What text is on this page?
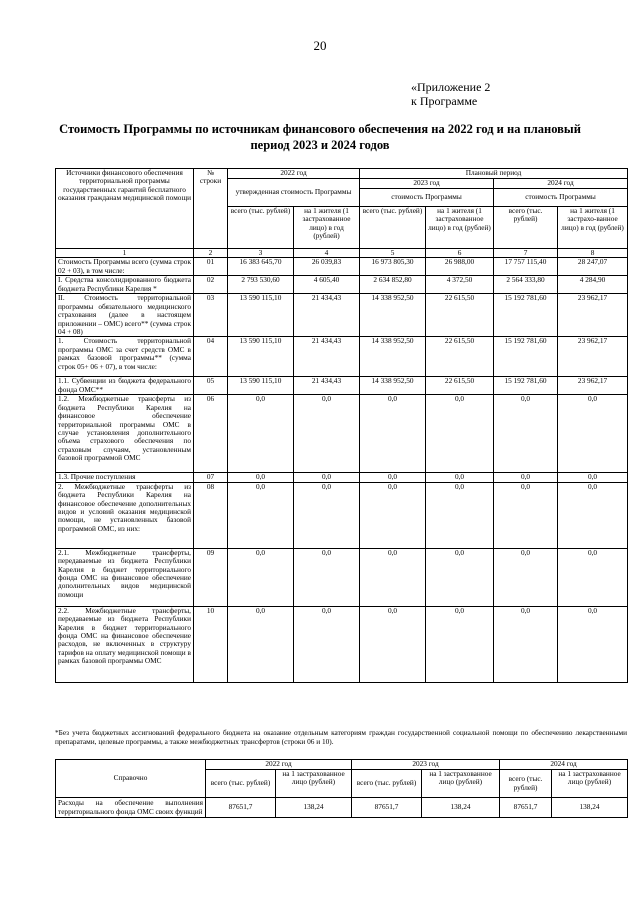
20
«Приложение 2
к Программе
Стоимость Программы по источникам финансового обеспечения на 2022 год и на плановый период 2023 и 2024 годов
Источники финансового обеспечения территориальной программы государственных гарантий бесплатного оказания гражданам медицинской помощи	№ строки	2022 год		Плановый период			
		утвержденная стоимость Программы		2023 год		2024 год	
				стоимость Программы		стоимость Программы	
		всего (тыс. рублей)	на 1 жителя (1 застрахованное лицо) в год (рублей)	всего (тыс. рублей)	на 1 жителя (1 застрахованное лицо) в год (рублей)	всего (тыс. рублей)	на 1 жителя (1 застрахо-ванное лицо) в год (рублей)
1	2	3	4	5	6	7	8
Стоимость Программы всего (сумма строк 02 + 03), в том числе:	01	16 383 645,70	26 039,83	16 973 805,30	26 988,00	17 757 115,40	28 247,07
I. Средства консолидированного бюджета бюджета Республики Карелия *	02	2 793 530,60	4 605,40	2 634 852,80	4 372,50	2 564 333,80	4 284,90
II. Стоимость территориальной программы обязательного медицинского страхования (далее в настоящем приложении – ОМС) всего** (сумма строк 04 + 08)	03	13 590 115,10	21 434,43	14 338 952,50	22 615,50	15 192 781,60	23 962,17
1. Стоимость территориальной программы ОМС за счет средств ОМС в рамках базовой программы** (сумма строк 05+ 06 + 07), в том числе:	04	13 590 115,10	21 434,43	14 338 952,50	22 615,50	15 192 781,60	23 962,17
1.1. Субвенции из бюджета федерального фонда ОМС**	05	13 590 115,10	21 434,43	14 338 952,50	22 615,50	15 192 781,60	23 962,17
1.2. Межбюджетные трансферты из бюджета Республики Карелия на финансовое обеспечение территориальной программы ОМС в случае установления дополнительного объема страхового обеспечения по страховым случаям, установленным базовой программой ОМС	06	0,0	0,0	0,0	0,0	0,0	0,0
1.3. Прочие поступления	07	0,0	0,0	0,0	0,0	0,0	0,0
2. Межбюджетные трансферты из бюджета Республики Карелия на финансовое обеспечение дополнительных видов и условий оказания медицинской помощи, не установленных базовой программой ОМС, из них:	08	0,0	0,0	0,0	0,0	0,0	0,0
2.1. Межбюджетные трансферты, передаваемые из бюджета Республики Карелия в бюджет территориального фонда ОМС на финансовое обеспечение дополнительных видов медицинской помощи	09	0,0	0,0	0,0	0,0	0,0	0,0
2.2. Межбюджетные трансферты, передаваемые из бюджета Республики Карелия в бюджет территориального фонда ОМС на финансовое обеспечение расходов, не включенных в структуру тарифов на оплату медицинской помощи в рамках базовой программы ОМС	10	0,0	0,0	0,0	0,0	0,0	0,0
*Без учета бюджетных ассигнований федерального бюджета на оказание отдельным категориям граждан государственной социальной помощи по обеспечению лекарственными препаратами, целевые программы, а также межбюджетных трансфертов (строки 06 и 10).
Справочно	2022 год		2023 год		2024 год	
	всего (тыс. рублей)	на 1 застрахованное лицо (рублей)	всего (тыс. рублей)	на 1 застрахованное лицо (рублей)	всего (тыс. рублей)	на 1 застрахованное лицо (рублей)
Расходы на обеспечение выполнения территориального фонда ОМС своих функций	87651,7	138,24	87651,7	138,24	87651,7	138,24
